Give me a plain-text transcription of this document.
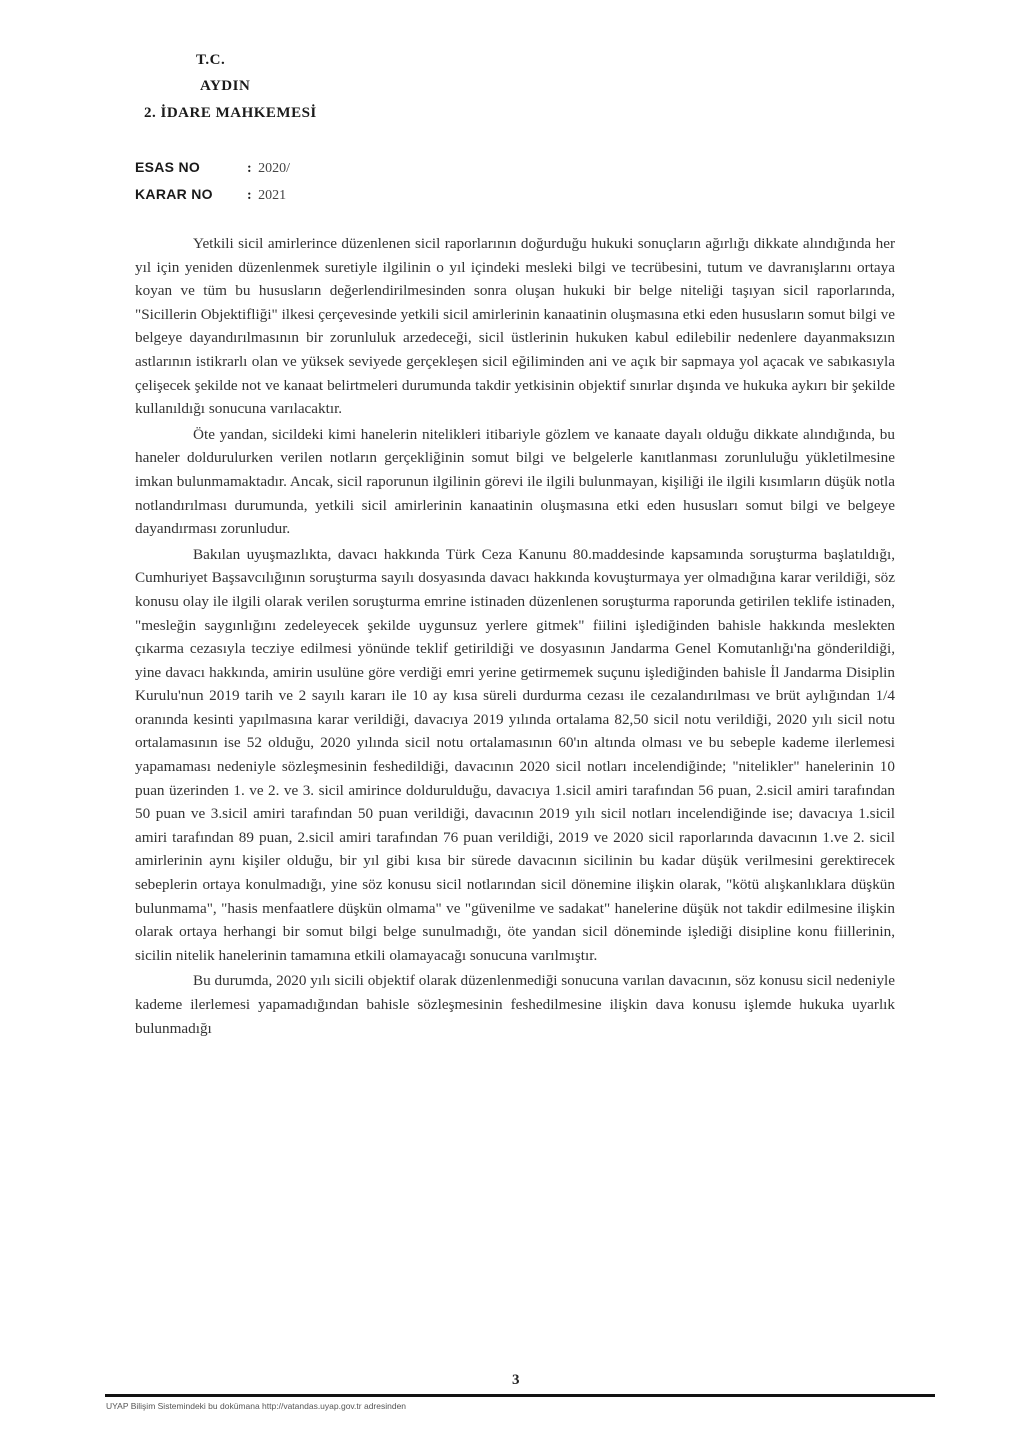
T.C.
AYDIN
2. İDARE MAHKEMESİ
ESAS NO	: 2020/
KARAR NO : 2021

Yetkili sicil amirlerince düzenlenen sicil raporlarının doğurduğu hukuki sonuçların ağırlığı dikkate alındığında her yıl için yeniden düzenlenmek suretiyle ilgilinin o yıl içindeki mesleki bilgi ve tecrübesini, tutum ve davranışlarını ortaya koyan ve tüm bu hususların değerlendirilmesinden sonra oluşan hukuki bir belge niteliği taşıyan sicil raporlarında, "Sicillerin Objektifliği" ilkesi çerçevesinde yetkili sicil amirlerinin kanaatinin oluşmasına etki eden hususların somut bilgi ve belgeye dayandırılmasının bir zorunluluk arzedeceği, sicil üstlerinin hukuken kabul edilebilir nedenlere dayanmaksızın astlarının istikrarlı olan ve yüksek seviyede gerçekleşen sicil eğiliminden ani ve açık bir sapmaya yol açacak ve sabıkasıyla çelişecek şekilde not ve kanaat belirtmeleri durumunda takdir yetkisinin objektif sınırlar dışında ve hukuka aykırı bir şekilde kullanıldığı sonucuna varılacaktır.

Öte yandan, sicildeki kimi hanelerin nitelikleri itibariyle gözlem ve kanaate dayalı olduğu dikkate alındığında, bu haneler doldurulurken verilen notların gerçekliğinin somut bilgi ve belgelerle kanıtlanması zorunluluğu yükletilmesine imkan bulunmamaktadır. Ancak, sicil raporunun ilgilinin görevi ile ilgili bulunmayan, kişiliği ile ilgili kısımların düşük notla notlandırılması durumunda, yetkili sicil amirlerinin kanaatinin oluşmasına etki eden hususları somut bilgi ve belgeye dayandırması zorunludur.

Bakılan uyuşmazlıkta, davacı hakkında Türk Ceza Kanunu 80.maddesinde kapsamında soruşturma başlatıldığı, Cumhuriyet Başsavcılığının soruşturma sayılı dosyasında davacı hakkında kovuşturmaya yer olmadığına karar verildiği, söz konusu olay ile ilgili olarak verilen soruşturma emrine istinaden düzenlenen soruşturma raporunda getirilen teklife istinaden, "mesleğin saygınlığını zedeleyecek şekilde uygunsuz yerlere gitmek" fiilini işlediğinden bahisle hakkında meslekten çıkarma cezasıyla tecziye edilmesi yönünde teklif getirildiği ve dosyasının Jandarma Genel Komutanlığı'na gönderildiği, yine davacı hakkında, amirin usulüne göre verdiği emri yerine getirmemek suçunu işlediğinden bahisle İl Jandarma Disiplin Kurulu'nun 2019 tarih ve 2 sayılı kararı ile 10 ay kısa süreli durdurma cezası ile cezalandırılması ve brüt aylığından 1/4 oranında kesinti yapılmasına karar verildiği, davacıya 2019 yılında ortalama 82,50 sicil notu verildiği, 2020 yılı sicil notu ortalamasının ise 52 olduğu, 2020 yılında sicil notu ortalamasının 60'ın altında olması ve bu sebeple kademe ilerlemesi yapamaması nedeniyle sözleşmesinin feshedildiği, davacının 2020 sicil notları incelendiğinde; "nitelikler" hanelerinin 10 puan üzerinden 1. ve 2. ve 3. sicil amirince doldurulduğu, davacıya 1.sicil amiri tarafından 56 puan, 2.sicil amiri tarafından 50 puan ve 3.sicil amiri tarafından 50 puan verildiği, davacının 2019 yılı sicil notları incelendiğinde ise; davacıya 1.sicil amiri tarafından 89 puan, 2.sicil amiri tarafından 76 puan verildiği, 2019 ve 2020 sicil raporlarında davacının 1.ve 2. sicil amirlerinin aynı kişiler olduğu, bir yıl gibi kısa bir sürede davacının sicilinin bu kadar düşük verilmesini gerektirecek sebeplerin ortaya konulmadığı, yine söz konusu sicil notlarından sicil dönemine ilişkin olarak, "kötü alışkanlıklara düşkün bulunmama", "hasis menfaatlere düşkün olmama" ve "güvenilme ve sadakat" hanelerine düşük not takdir edilmesine ilişkin olarak ortaya herhangi bir somut bilgi belge sunulmadığı, öte yandan sicil döneminde işlediği disipline konu fiillerinin, sicilin nitelik hanelerinin tamamına etkili olamayacağı sonucuna varılmıştır.

Bu durumda, 2020 yılı sicili objektif olarak düzenlenmediği sonucuna varılan davacının, söz konusu sicil nedeniyle kademe ilerlemesi yapamadığından bahisle sözleşmesinin feshedilmesine ilişkin dava konusu işlemde hukuka uyarlık bulunmadığı

3
UYAP Bilişim Sistemindeki bu dokümana http://vatandas.uyap.gov.tr adresinden
